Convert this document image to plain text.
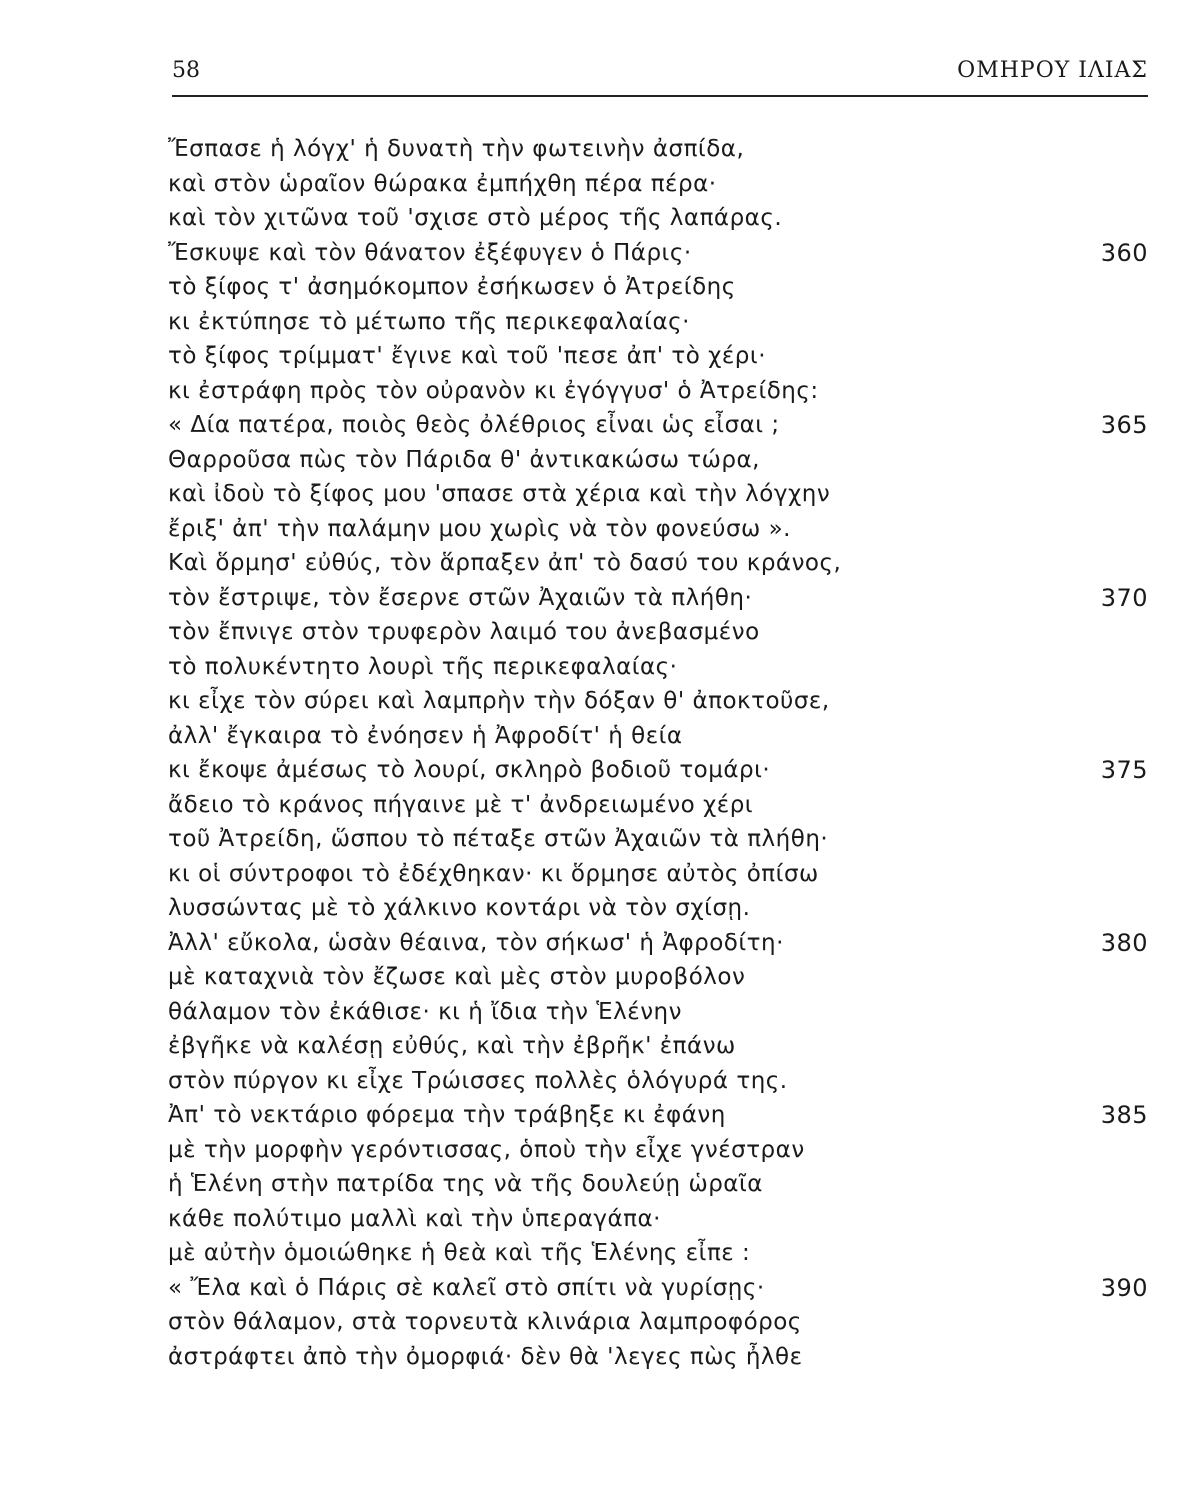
58	ΟΜΗΡΟΥ ΙΛΙΑΣ
Ἔσπασε ἡ λόγχ' ἡ δυνατὴ τὴν φωτεινὴν ἀσπίδα,
καὶ στὸν ὡραῖον θώρακα ἐμπήχθη πέρα πέρα·
καὶ τὸν χιτῶνα τοῦ 'σχισε στὸ μέρος τῆς λαπάρας.
Ἔσκυψε καὶ τὸν θάνατον ἐξέφυγεν ὁ Πάρις·	360
τὸ ξίφος τ' ἀσημόκομπον ἐσήκωσεν ὁ Ἀτρείδης
κι ἐκτύπησε τὸ μέτωπο τῆς περικεφαλαίας·
τὸ ξίφος τρίμματ' ἔγινε καὶ τοῦ 'πεσε ἀπ' τὸ χέρι·
κι ἐστράφη πρὸς τὸν οὐρανὸν κι ἐγόγγυσ' ὁ Ἀτρείδης:
« Δία πατέρα, ποιὸς θεὸς ὀλέθριος εἶναι ὡς εἶσαι ;	365
Θαρροῦσα πὼς τὸν Πάριδα θ' ἀντικακώσω τώρα,
καὶ ἰδοὺ τὸ ξίφος μου 'σπασε στὰ χέρια καὶ τὴν λόγχην
ἔριξ' ἀπ' τὴν παλάμην μου χωρὶς νὰ τὸν φονεύσω ».
Καὶ ὅρμησ' εὐθύς, τὸν ἅρπαξεν ἀπ' τὸ δασύ του κράνος,
τὸν ἔστριψε, τὸν ἔσερνε στῶν Ἀχαιῶν τὰ πλήθη·	370
τὸν ἔπνιγε στὸν τρυφερὸν λαιμό του ἀνεβασμένο
τὸ πολυκέντητο λουρὶ τῆς περικεφαλαίας·
κι εἶχε τὸν σύρει καὶ λαμπρὴν τὴν δόξαν θ' ἀποκτοῦσε,
ἀλλ' ἔγκαιρα τὸ ἐνόησεν ἡ Ἀφροδίτ' ἡ θεία
κι ἔκοψε ἀμέσως τὸ λουρί, σκληρὸ βοδιοῦ τομάρι·	375
ἄδειο τὸ κράνος πήγαινε μὲ τ' ἀνδρειωμένο χέρι
τοῦ Ἀτρείδη, ὥσπου τὸ πέταξε στῶν Ἀχαιῶν τὰ πλήθη·
κι οἱ σύντροφοι τὸ ἐδέχθηκαν· κι ὅρμησε αὐτὸς ὀπίσω
λυσσώντας μὲ τὸ χάλκινο κοντάρι νὰ τὸν σχίσῃ.
Ἀλλ' εὔκολα, ὡσὰν θέαινα, τὸν σήκωσ' ἡ Ἀφροδίτη·	380
μὲ καταχνιὰ τὸν ἔζωσε καὶ μὲς στὸν μυροβόλον
θάλαμον τὸν ἐκάθισε· κι ἡ ἴδια τὴν Ἑλένην
ἐβγῆκε νὰ καλέσῃ εὐθύς, καὶ τὴν ἐβρῆκ' ἐπάνω
στὸν πύργον κι εἶχε Τρώισσες πολλὲς ὁλόγυρά της.
Ἀπ' τὸ νεκτάριο φόρεμα τὴν τράβηξε κι ἐφάνη	385
μὲ τὴν μορφὴν γερόντισσας, ὁποὺ τὴν εἶχε γνέστραν
ἡ Ἑλένη στὴν πατρίδα της νὰ τῆς δουλεύῃ ὡραῖα
κάθε πολύτιμο μαλλὶ καὶ τὴν ὑπεραγάπα·
μὲ αὐτὴν ὁμοιώθηκε ἡ θεὰ καὶ τῆς Ἑλένης εἶπε :
« Ἔλα καὶ ὁ Πάρις σὲ καλεῖ στὸ σπίτι νὰ γυρίσῃς·	390
στὸν θάλαμον, στὰ τορνευτὰ κλινάρια λαμπροφόρος
ἀστράφτει ἀπὸ τὴν ὀμορφιά· δὲν θὰ 'λεγες πὼς ἦλθε
